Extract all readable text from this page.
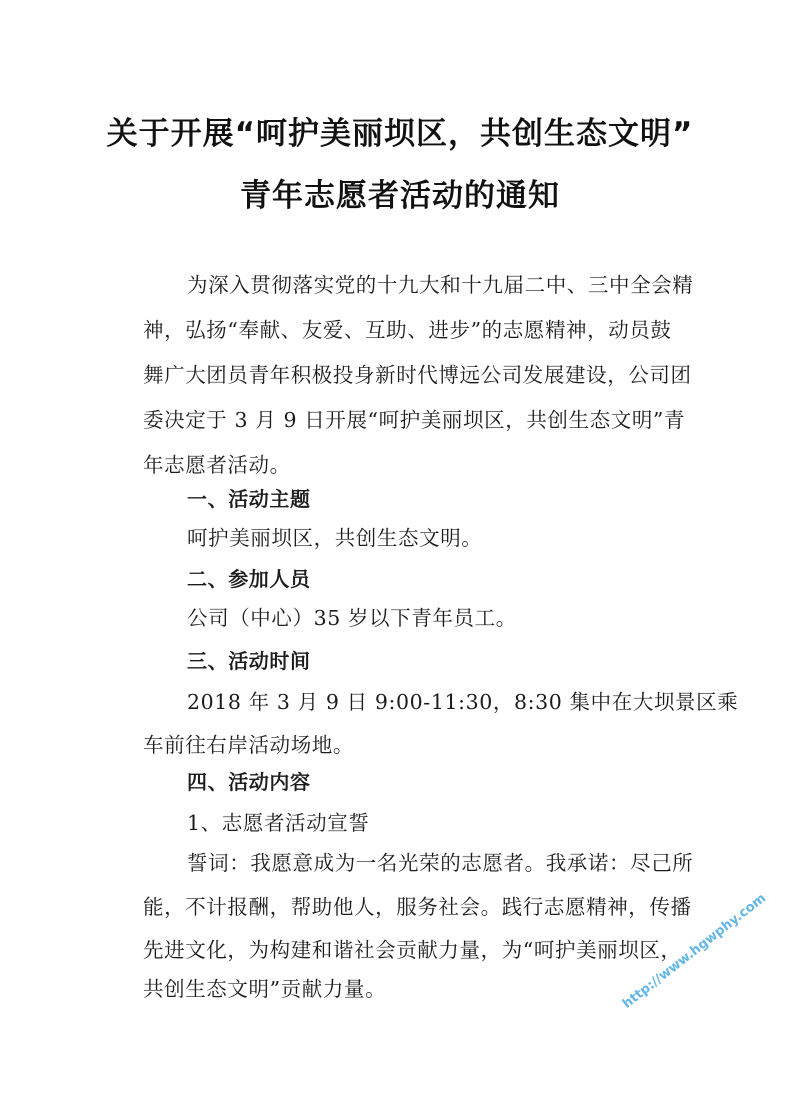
关于开展“呵护美丽坝区，共创生态文明”
青年志愿者活动的通知
为深入贯彻落实党的十九大和十九届二中、三中全会精
神，弘扬“奉献、友爱、互助、进步”的志愿精神，动员鼓
舞广大团员青年积极投身新时代博远公司发展建设，公司团
委决定于 3 月 9 日开展“呵护美丽坝区，共创生态文明”青
年志愿者活动。
一、活动主题
呵护美丽坝区，共创生态文明。
二、参加人员
公司（中心）35 岁以下青年员工。
三、活动时间
2018 年 3 月 9 日 9:00-11:30，8:30 集中在大坝景区乘
车前往右岸活动场地。
四、活动内容
1、志愿者活动宣誓
誓词：我愿意成为一名光荣的志愿者。我承诺：尽己所
能，不计报酬，帮助他人，服务社会。践行志愿精神，传播
先进文化，为构建和谐社会贡献力量，为“呵护美丽坝区，
共创生态文明”贡献力量。	http://www.hgwphy.com
